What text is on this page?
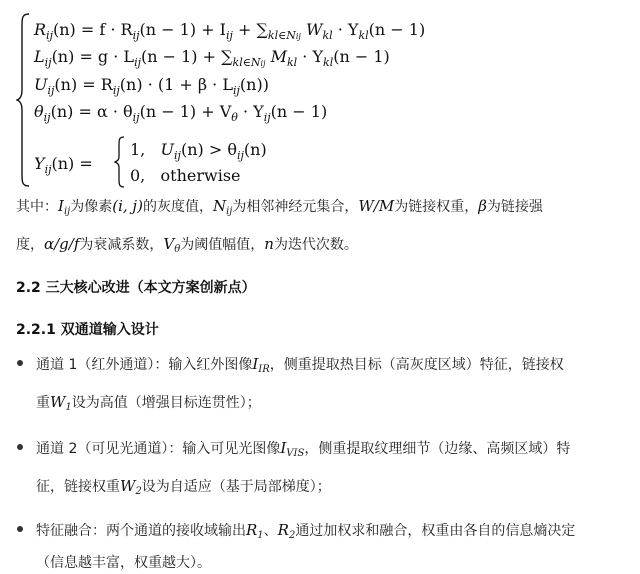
$R_{ij}(n) = f \cdot R_{ij}(n - 1) + I_{ij} + \sum_{kl\in Nij}$ $W_{kl} \cdot Y_{kl}(n - 1)$
$L_{ij}(n) = g \cdot L_{ij}(n - 1) + \sum_{kl\in Nij}$ $M_{kl} \cdot Y_{kl}(n - 1)$
$U_{ij}(n) = R_{ij}(n) \cdot (1 + \beta \cdot L_{ij}(n))$
$\theta_{ij}(n) = \alpha \cdot \theta_{ij}(n - 1) + V_\theta \cdot Y_{ij}(n - 1)$
$Y_{ij}(n)$ =
1, $U_{ij}(n) > \theta_{ij}(n)$
0, otherwise
其中：$I_{ij}$为像素(i, j)的灰度值，$N_{ij}$为相邻神经元集合，W/M为链接权重，β为链接强
度，α/g/f为衰减系数，$V_\theta$为阈值幅值，n为迭代次数。
2.2 三大核心改进（本文方案创新点）
2.2.1 双通道输入设计
通道 1（红外通道）：输入红外图像$I_{IR}$，侧重提取热目标（高灰度区域）特征，链接权
重$W_1$设为高值（增强目标连贯性）；
通道 2（可见光通道）：输入可见光图像$I_{VIS}$，侧重提取纹理细节（边缘、高频区域）特
征，链接权重$W_2$设为自适应（基于局部梯度）；
特征融合：两个通道的接收域输出$R_1$、$R_2$通过加权求和融合，权重由各自的信息熵决定
（信息越丰富，权重越大）。
